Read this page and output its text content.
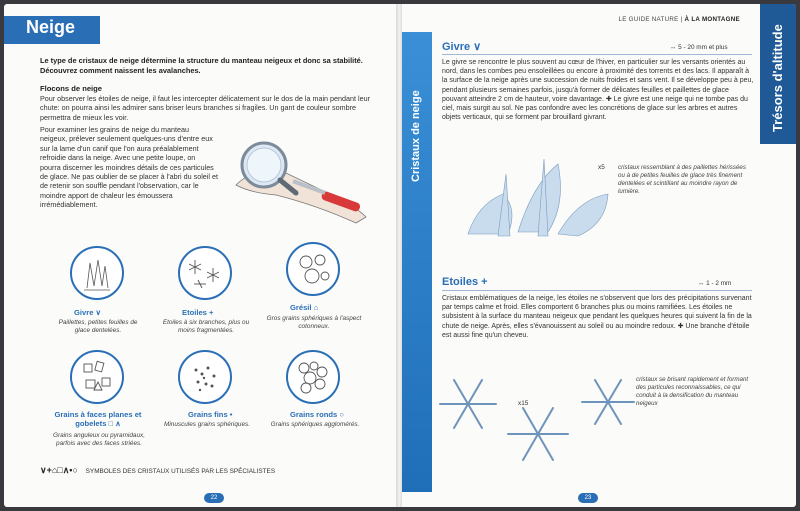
Neige
Le type de cristaux de neige détermine la structure du manteau neigeux et donc sa stabilité. Découvrez comment naissent les avalanches.
Flocons de neige
Pour observer les étoiles de neige, il faut les intercepter délicatement sur le dos de la main pendant leur chute: on pourra ainsi les admirer sans briser leurs branches si fragiles. Un gant de couleur sombre permettra de mieux les voir.
Pour examiner les grains de neige du manteau neigeux, prélever seulement quelques-uns d'entre eux sur la lame d'un canif que l'on aura préalablement refroidie dans la neige. Avec une petite loupe, on pourra discerner les moindres détails de ces particules de glace. Ne pas oublier de se placer à l'abri du soleil et de retenir son souffle pendant l'observation, car le moindre apport de chaleur les émoussera irrémédiablement.
Givre ∨
Paillettes, petites feuilles de glace dentelées.
Etoiles +
Etoiles à six branches, plus ou moins fragmentées.
Grésil ⌂
Gros grains sphériques à l'aspect cotonneux.
Grains à faces planes et gobelets □ ∧
Grains anguleux ou pyramidaux, parfois avec des faces striées.
Grains fins •
Minuscules grains sphériques.
Grains ronds ○
Grains sphériques agglomérés.
∨+⌂□∧•○ SYMBOLES DES CRISTAUX UTILISÉS PAR LES SPÉCIALISTES
22
Cristaux de neige
LE GUIDE NATURE | À LA MONTAGNE
Trésors d'altitude
Givre ∨	↔ 5 - 20 mm et plus
Le givre se rencontre le plus souvent au cœur de l'hiver, en particulier sur les versants orientés au nord, dans les combes peu ensoleillées ou encore à proximité des torrents et des lacs. Il apparaît à la surface de la neige après une succession de nuits froides et sans vent. Il se développe peu à peu, pendant plusieurs semaines parfois, jusqu'à former de délicates feuilles et paillettes de glace pouvant atteindre 2 cm de hauteur, voire davantage. ✚ Le givre est une neige qui ne tombe pas du ciel, mais surgit au sol. Ne pas confondre avec les concrétions de glace sur les arbres et autres objets verticaux, qui se forment par brouillard givrant.
x5 cristaux ressemblant à des paillettes hérissées ou à de petites feuilles de glace très finement dentelées et scintillant au moindre rayon de lumière.
Etoiles +	↔ 1 - 2 mm
Cristaux emblématiques de la neige, les étoiles ne s'observent que lors des précipitations survenant par temps calme et froid. Elles comportent 6 branches plus ou moins ramifiées. Les étoiles ne subsistent à la surface du manteau neigeux que pendant les quelques heures qui suivent la fin de la chute de neige. Après, elles s'évanouissent au soleil ou au moindre redoux. ✚ Une branche d'étoile est aussi fine qu'un cheveu.
x15
cristaux se brisant rapidement et formant des particules reconnaissables, ce qui conduit à la densification du manteau neigeux
23
